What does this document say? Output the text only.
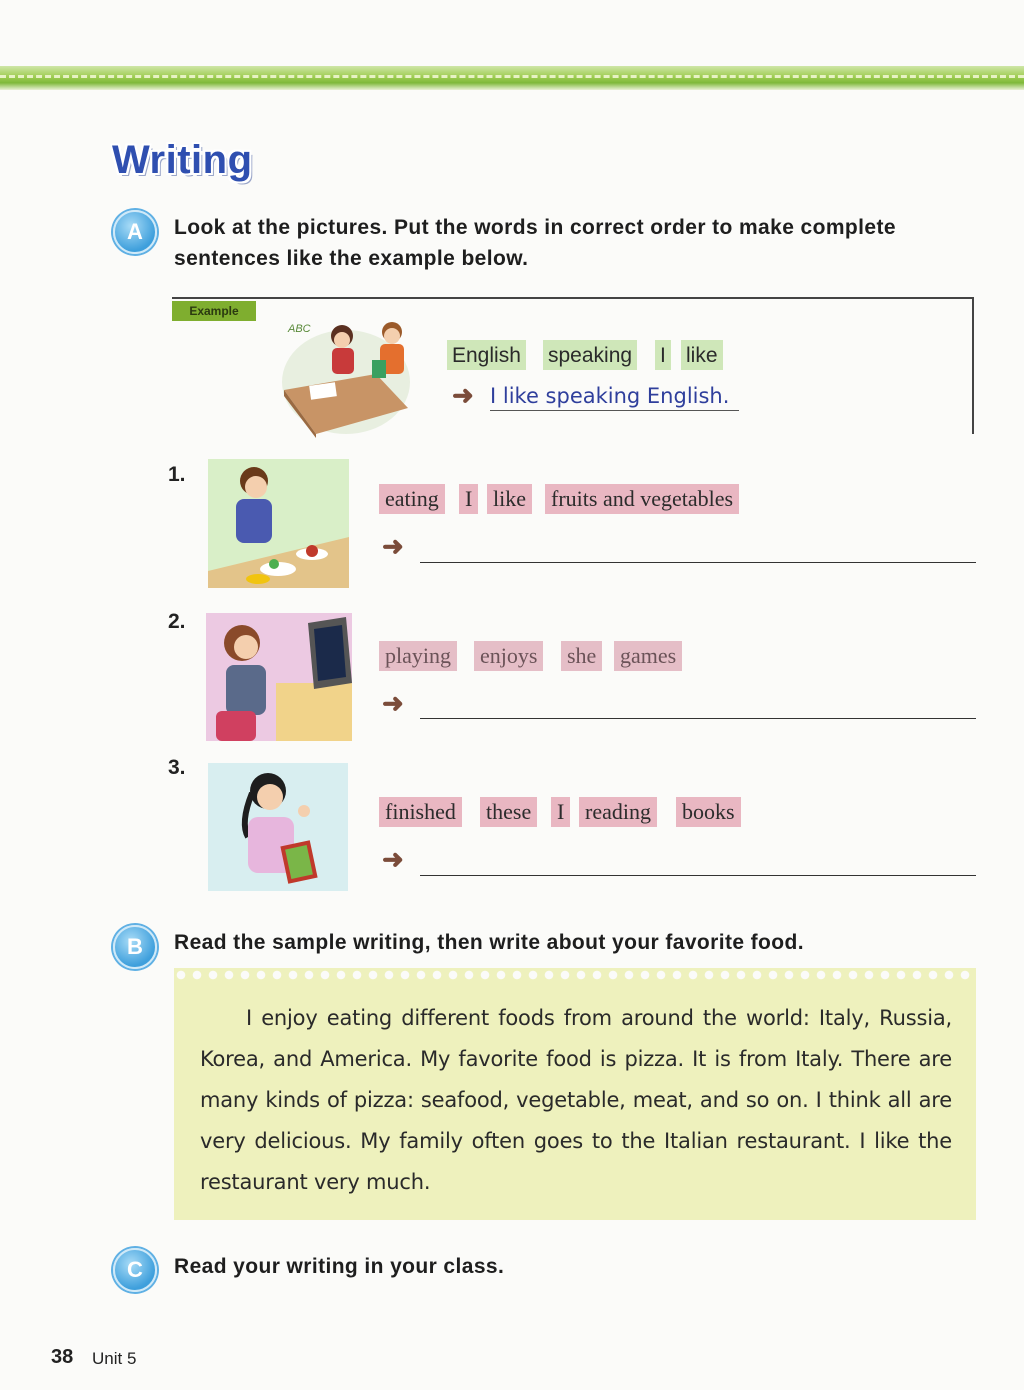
Writing
A	Look at the pictures. Put the words in correct order to make complete sentences like the example below.
Example
ABC
English speaking I like
➜ I like speaking English.
1.
eating I like fruits and vegetables
➜
2.
playing enjoys she games
➜
3.
finished these I reading books
➜
B	Read the sample writing, then write about your favorite food.
I enjoy eating different foods from around the world: Italy, Russia, Korea, and America. My favorite food is pizza. It is from Italy. There are many kinds of pizza: seafood, vegetable, meat, and so on. I think all are very delicious. My family often goes to the Italian restaurant. I like the restaurant very much.
C	Read your writing in your class.
38 Unit 5
